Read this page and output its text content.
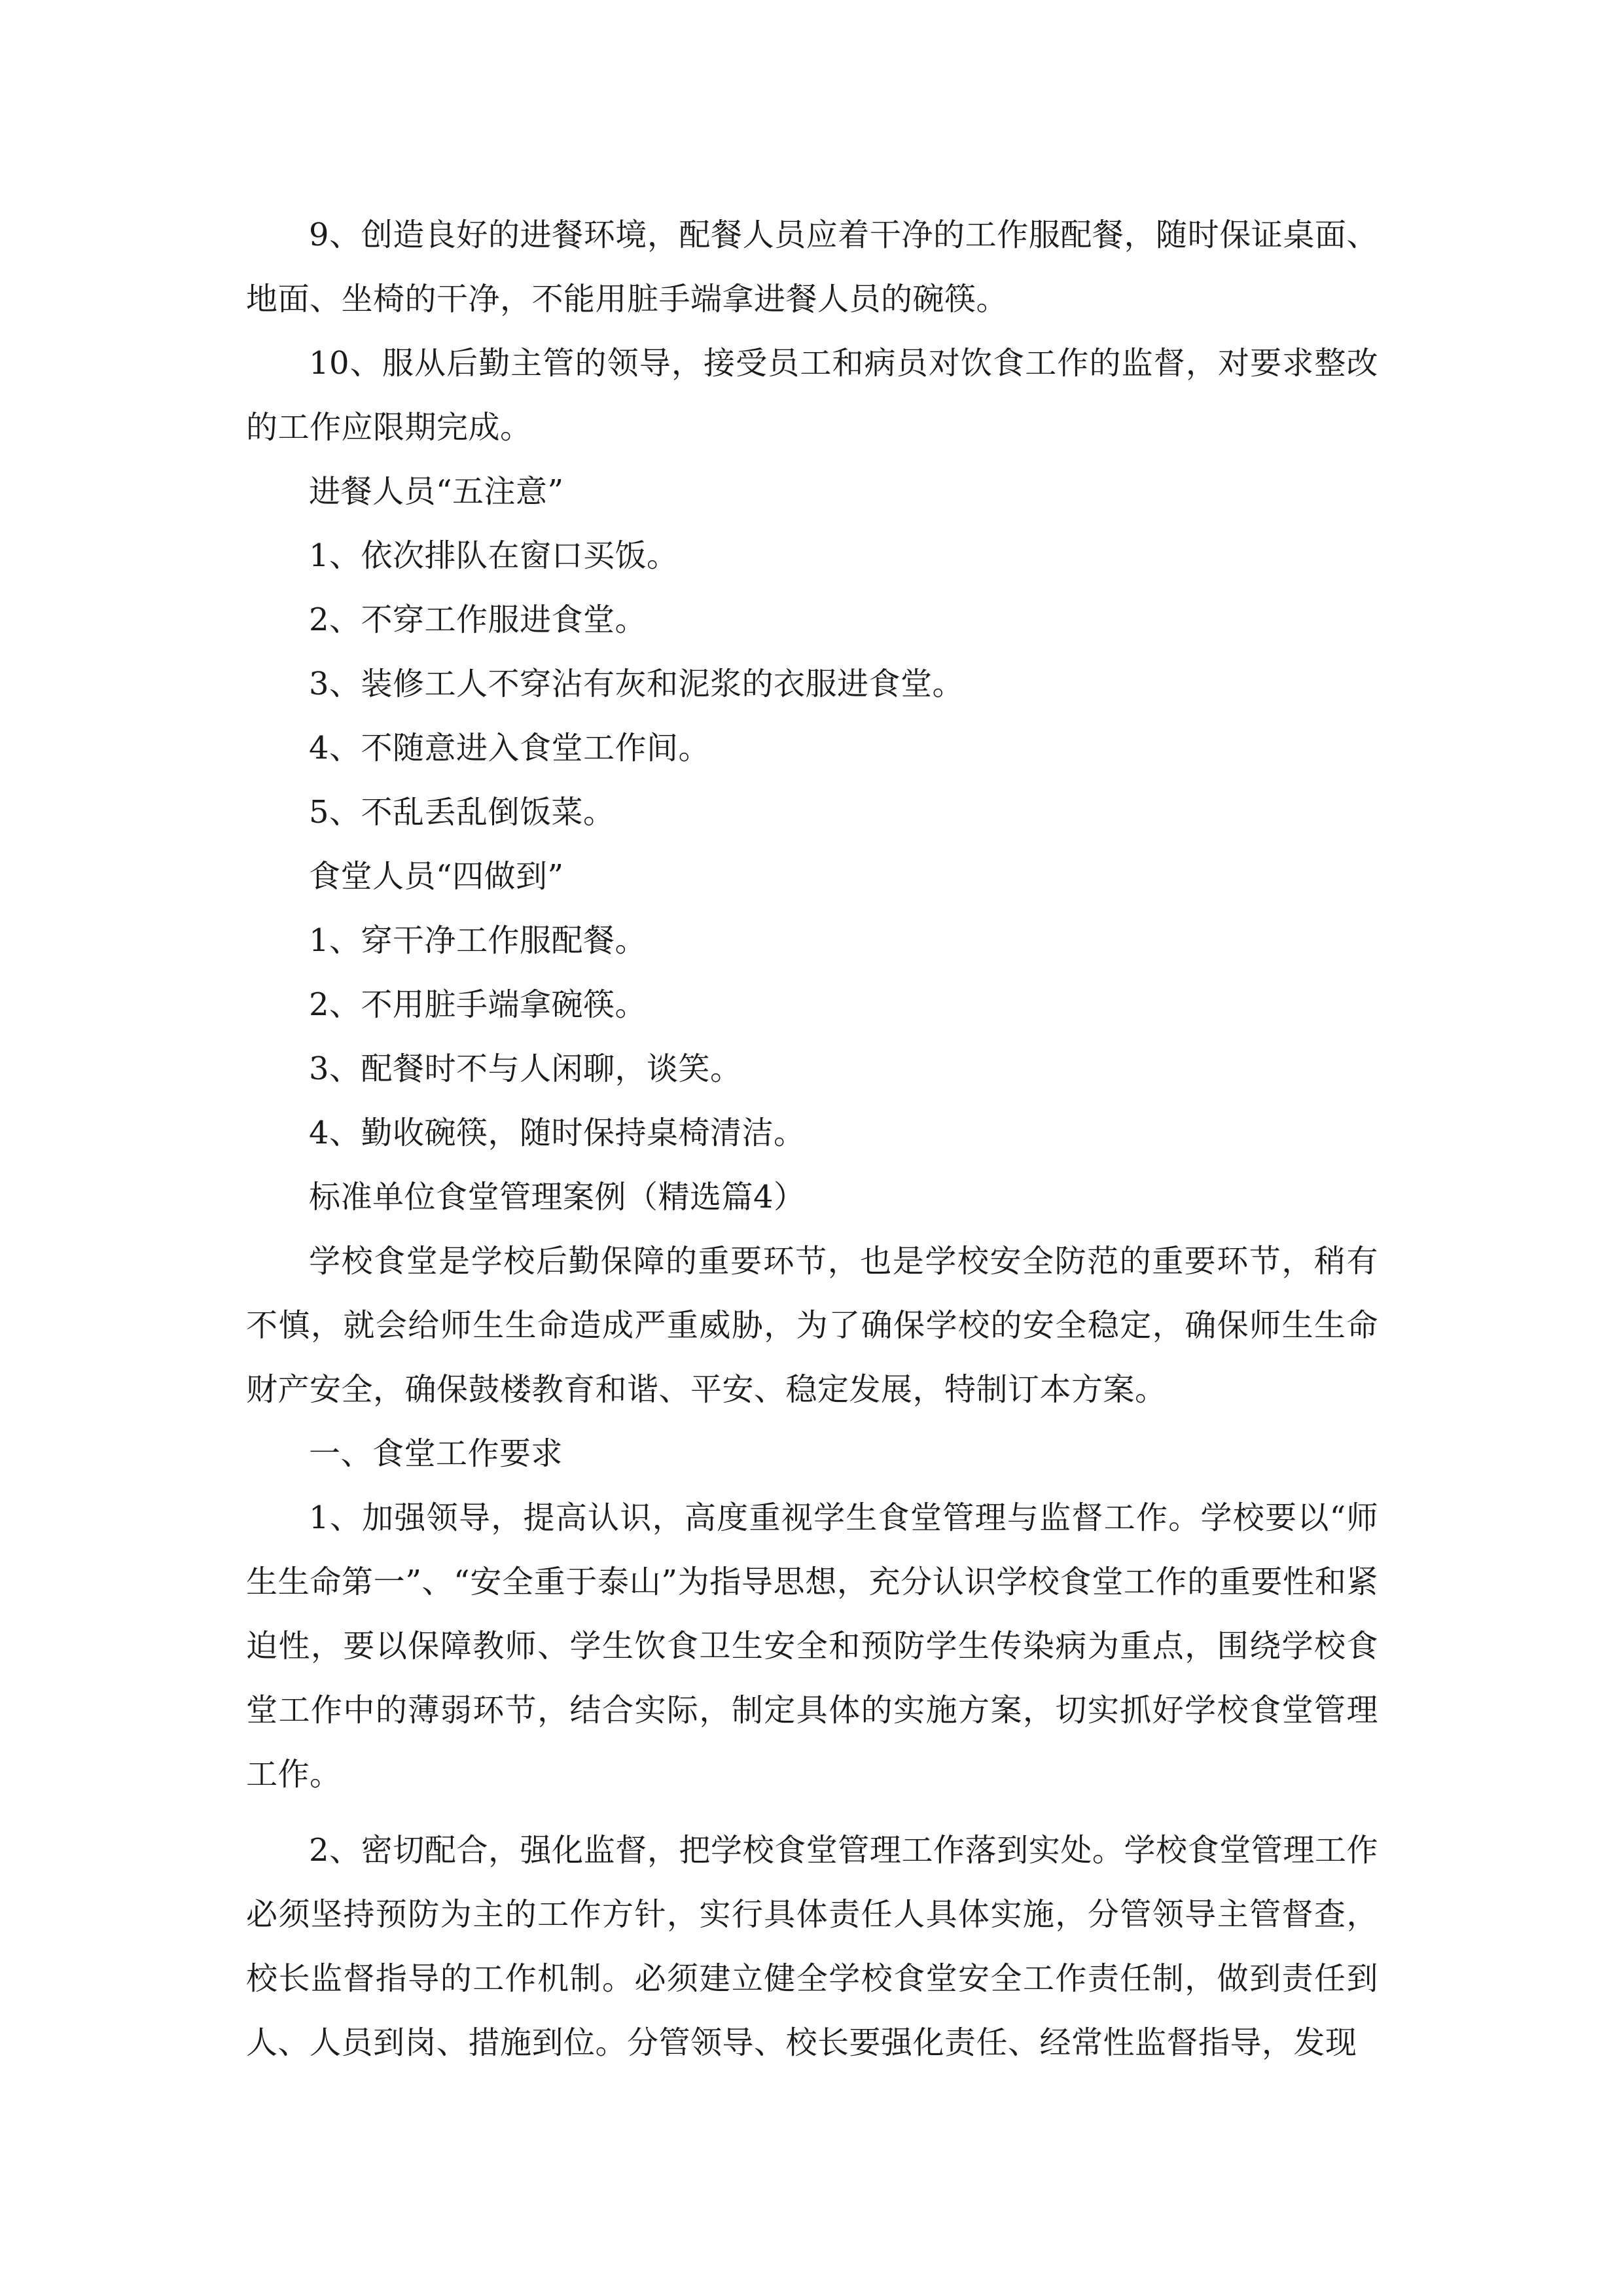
9、创造良好的进餐环境，配餐人员应着干净的工作服配餐，随时保证桌面、地面、坐椅的干净，不能用脏手端拿进餐人员的碗筷。

10、服从后勤主管的领导，接受员工和病员对饮食工作的监督，对要求整改的工作应限期完成。

进餐人员“五注意”

1、依次排队在窗口买饭。

2、不穿工作服进食堂。

3、装修工人不穿沾有灰和泥浆的衣服进食堂。

4、不随意进入食堂工作间。

5、不乱丢乱倒饭菜。

食堂人员“四做到”

1、穿干净工作服配餐。

2、不用脏手端拿碗筷。

3、配餐时不与人闲聊，谈笑。

4、勤收碗筷，随时保持桌椅清洁。

标准单位食堂管理案例（精选篇4）

学校食堂是学校后勤保障的重要环节，也是学校安全防范的重要环节，稍有不慎，就会给师生生命造成严重威胁，为了确保学校的安全稳定，确保师生生命财产安全，确保鼓楼教育和谐、平安、稳定发展，特制订本方案。

一、食堂工作要求

1、加强领导，提高认识，高度重视学生食堂管理与监督工作。学校要以“师生生命第一”、“安全重于泰山”为指导思想，充分认识学校食堂工作的重要性和紧迫性，要以保障教师、学生饮食卫生安全和预防学生传染病为重点，围绕学校食堂工作中的薄弱环节，结合实际，制定具体的实施方案，切实抓好学校食堂管理工作。

2、密切配合，强化监督，把学校食堂管理工作落到实处。学校食堂管理工作必须坚持预防为主的工作方针，实行具体责任人具体实施，分管领导主管督查，校长监督指导的工作机制。必须建立健全学校食堂安全工作责任制，做到责任到人、人员到岗、措施到位。分管领导、校长要强化责任、经常性监督指导，发现
